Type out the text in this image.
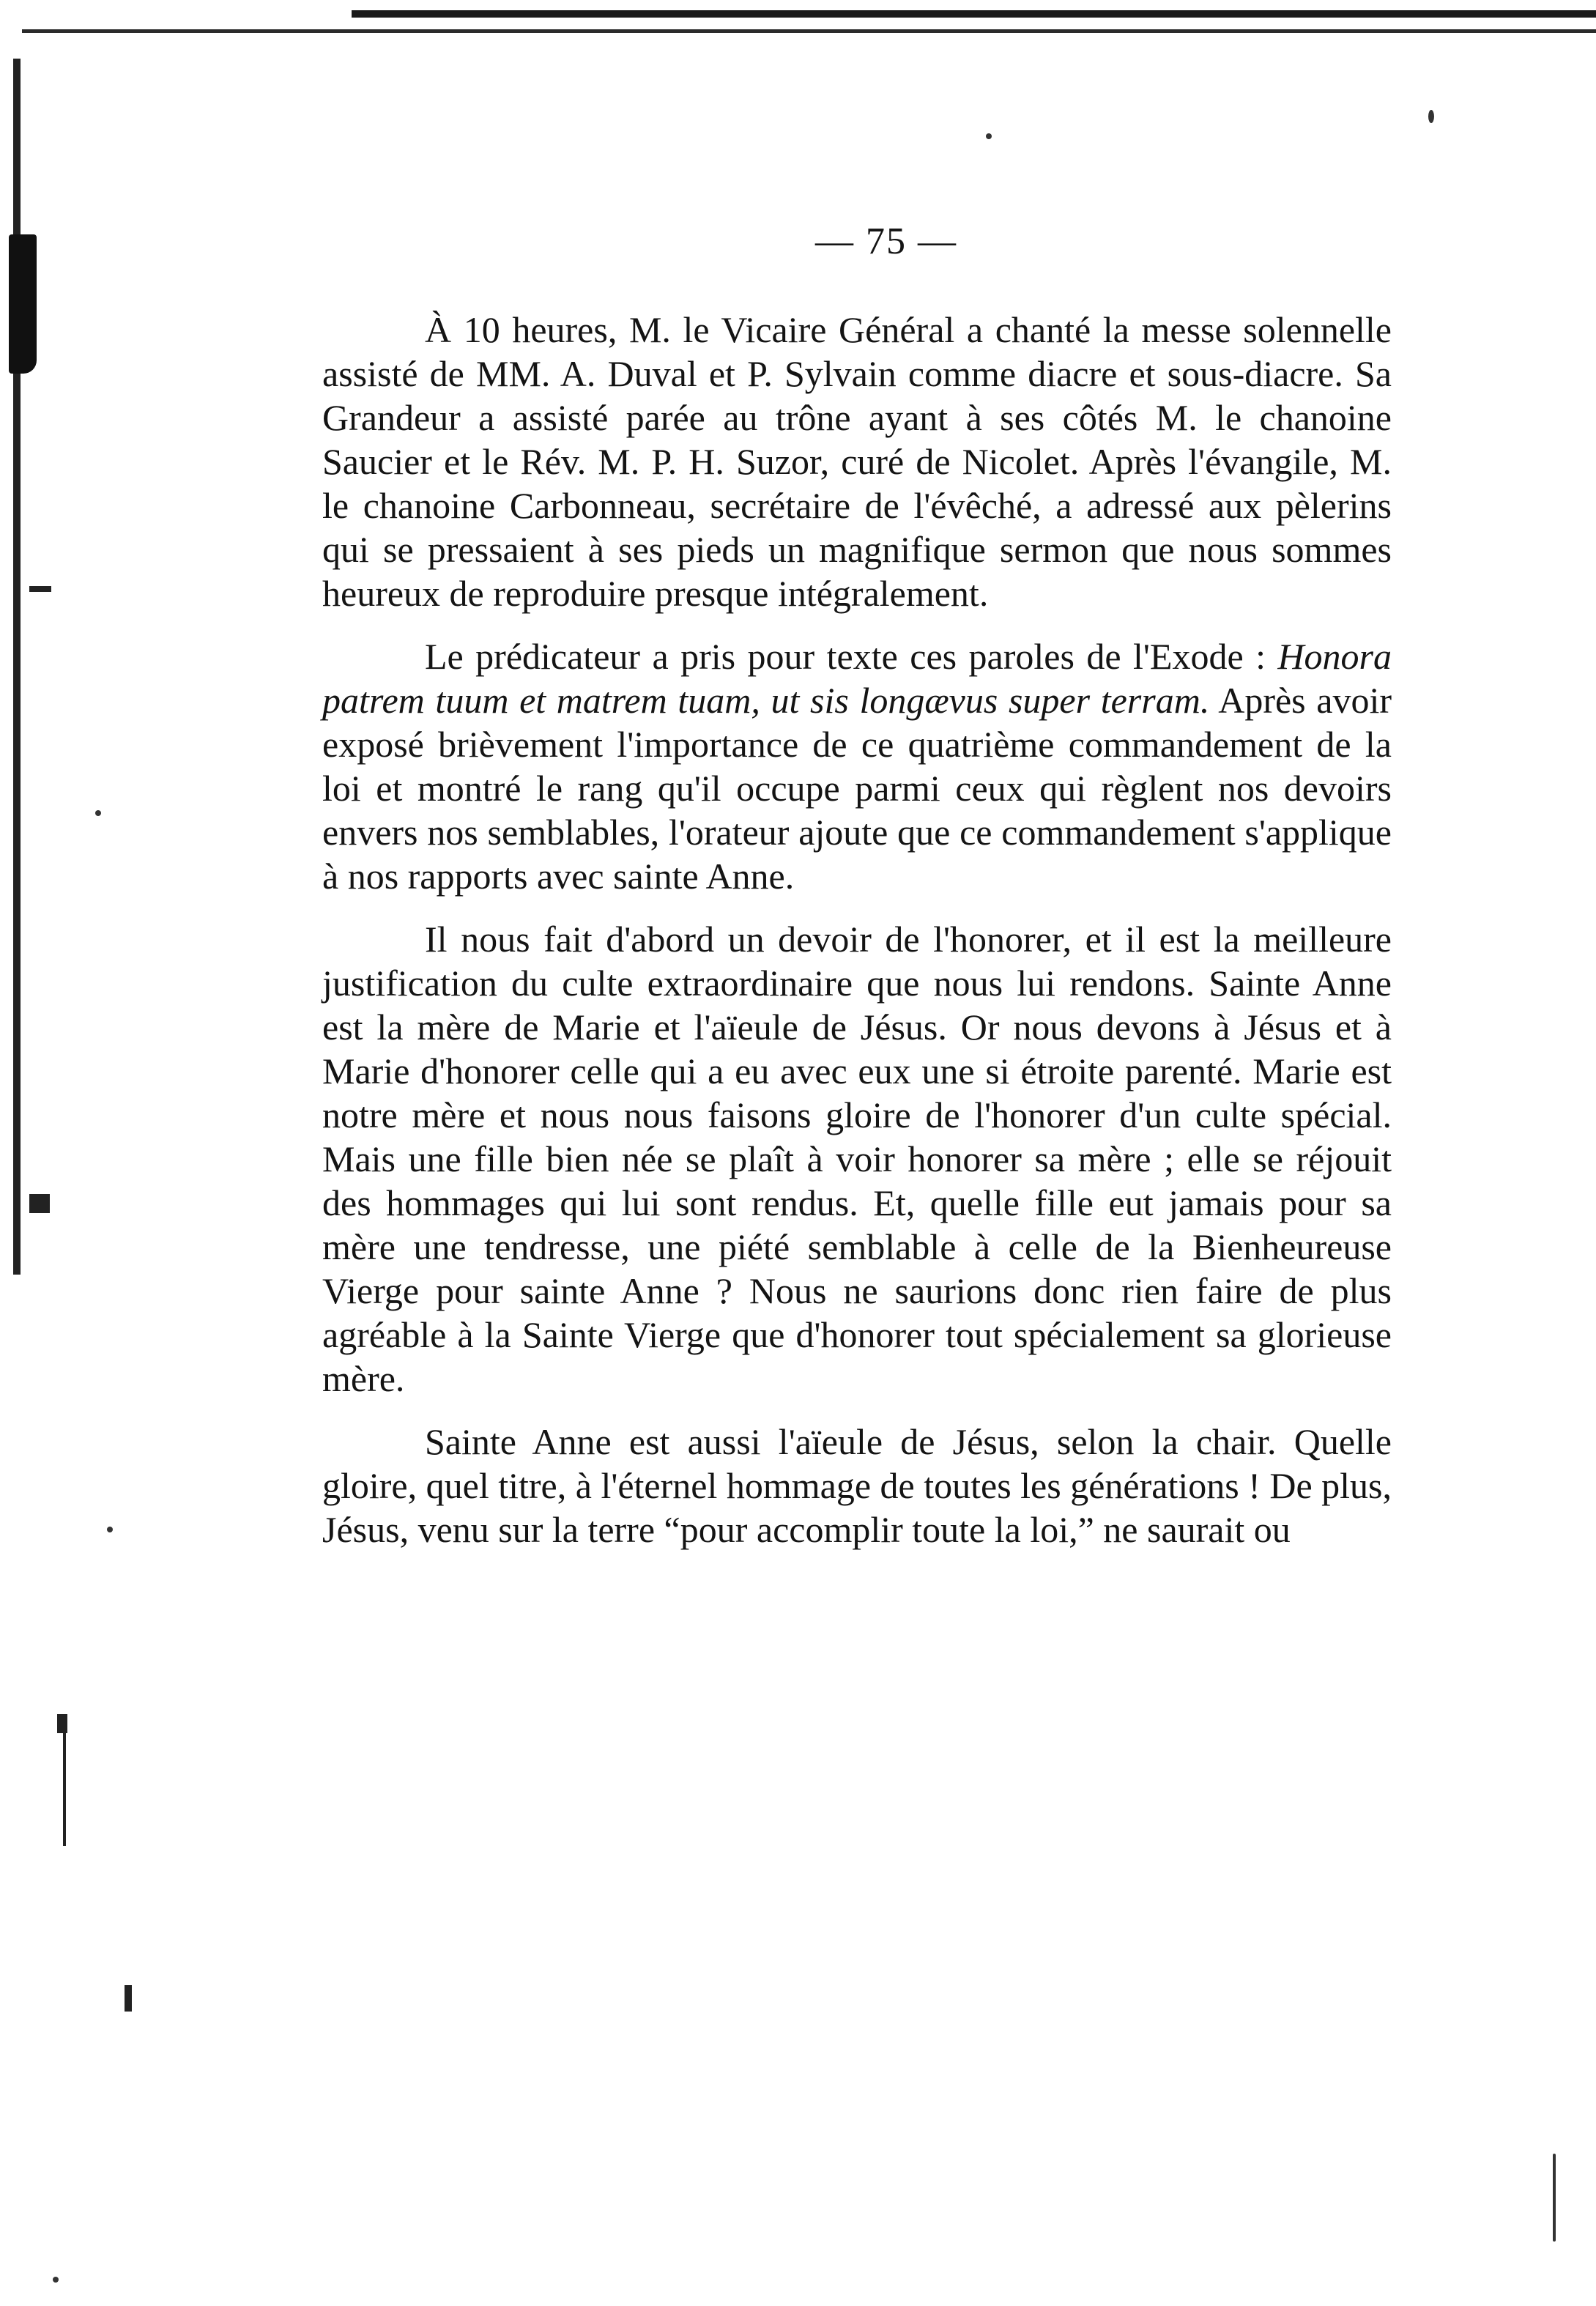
— 75 —

À 10 heures, M. le Vicaire Général a chanté la messe solennelle assisté de MM. A. Duval et P. Sylvain comme diacre et sous-diacre. Sa Grandeur a assisté parée au trône ayant à ses côtés M. le chanoine Saucier et le Rév. M. P. H. Suzor, curé de Nicolet. Après l'évangile, M. le chanoine Carbonneau, secrétaire de l'évêché, a adressé aux pèlerins qui se pressaient à ses pieds un magnifique sermon que nous sommes heureux de reproduire presque intégralement.

Le prédicateur a pris pour texte ces paroles de l'Exode : Honora patrem tuum et matrem tuam, ut sis longævus super terram. Après avoir exposé brièvement l'importance de ce quatrième commandement de la loi et montré le rang qu'il occupe parmi ceux qui règlent nos devoirs envers nos semblables, l'orateur ajoute que ce commandement s'applique à nos rapports avec sainte Anne.

Il nous fait d'abord un devoir de l'honorer, et il est la meilleure justification du culte extraordinaire que nous lui rendons. Sainte Anne est la mère de Marie et l'aïeule de Jésus. Or nous devons à Jésus et à Marie d'honorer celle qui a eu avec eux une si étroite parenté. Marie est notre mère et nous nous faisons gloire de l'honorer d'un culte spécial. Mais une fille bien née se plaît à voir honorer sa mère ; elle se réjouit des hommages qui lui sont rendus. Et, quelle fille eut jamais pour sa mère une tendresse, une piété semblable à celle de la Bienheureuse Vierge pour sainte Anne ? Nous ne saurions donc rien faire de plus agréable à la Sainte Vierge que d'honorer tout spécialement sa glorieuse mère.

Sainte Anne est aussi l'aïeule de Jésus, selon la chair. Quelle gloire, quel titre, à l'éternel hommage de toutes les générations ! De plus, Jésus, venu sur la terre “pour accomplir toute la loi,” ne saurait ou
